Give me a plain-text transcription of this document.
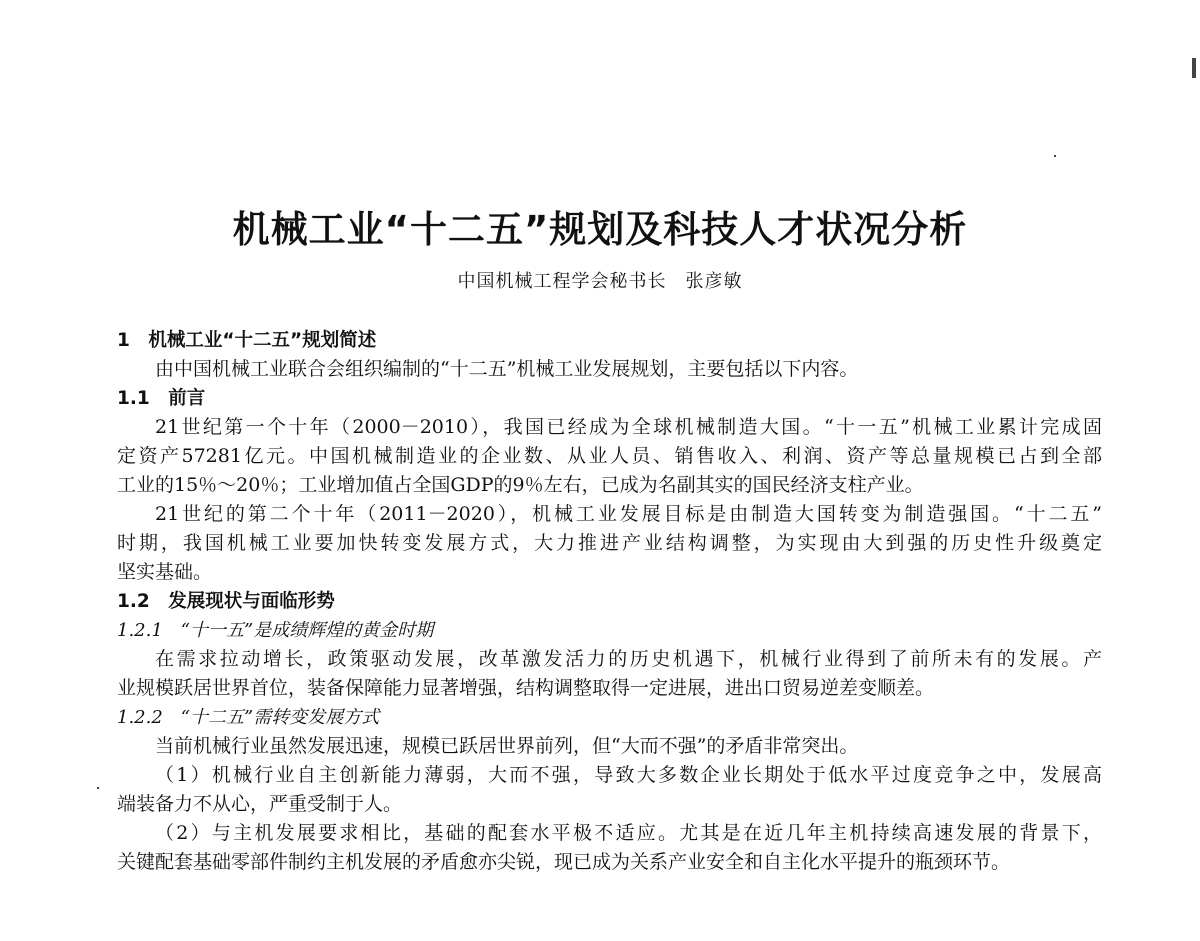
机械工业“十二五”规划及科技人才状况分析
中国机械工程学会秘书长　张彦敏
1　机械工业“十二五”规划简述
由中国机械工业联合会组织编制的“十二五”机械工业发展规划，主要包括以下内容。
1.1　前言
21世纪第一个十年（2000－2010），我国已经成为全球机械制造大国。“十一五”机械工业累计完成固
定资产57281亿元。中国机械制造业的企业数、从业人员、销售收入、利润、资产等总量规模已占到全部
工业的15％～20％；工业增加值占全国GDP的9％左右，已成为名副其实的国民经济支柱产业。
21世纪的第二个十年（2011－2020），机械工业发展目标是由制造大国转变为制造强国。“十二五”
时期，我国机械工业要加快转变发展方式，大力推进产业结构调整，为实现由大到强的历史性升级奠定
坚实基础。
1.2　发展现状与面临形势
1.2.1　“十一五”是成绩辉煌的黄金时期
在需求拉动增长，政策驱动发展，改革激发活力的历史机遇下，机械行业得到了前所未有的发展。产
业规模跃居世界首位，装备保障能力显著增强，结构调整取得一定进展，进出口贸易逆差变顺差。
1.2.2　“十二五”需转变发展方式
当前机械行业虽然发展迅速，规模已跃居世界前列，但“大而不强”的矛盾非常突出。
（1）机械行业自主创新能力薄弱，大而不强，导致大多数企业长期处于低水平过度竞争之中，发展高
端装备力不从心，严重受制于人。
（2）与主机发展要求相比，基础的配套水平极不适应。尤其是在近几年主机持续高速发展的背景下，
关键配套基础零部件制约主机发展的矛盾愈亦尖锐，现已成为关系产业安全和自主化水平提升的瓶颈环节。
